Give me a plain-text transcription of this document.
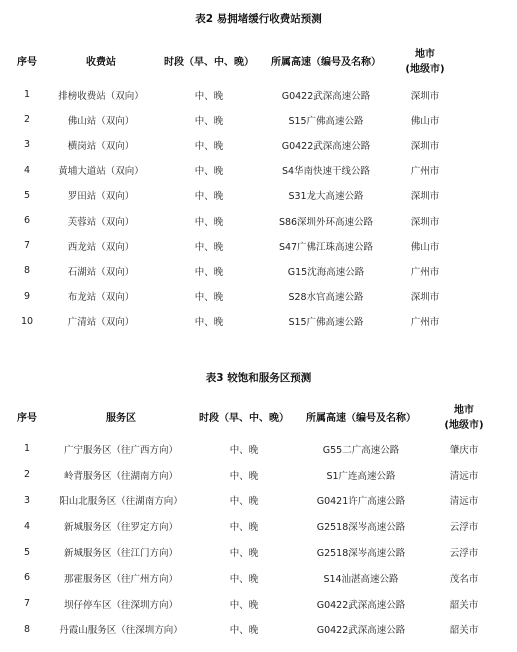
表2 易拥堵缓行收费站预测
序号	收费站	时段（早、中、晚）	所属高速（编号及名称）	地市
(地级市)
1	排榜收费站（双向）	中、晚	G0422武深高速公路	深圳市
2	佛山站（双向）	中、晚	S15广佛高速公路	佛山市
3	横岗站（双向）	中、晚	G0422武深高速公路	深圳市
4	黄埔大道站（双向）	中、晚	S4华南快速干线公路	广州市
5	罗田站（双向）	中、晚	S31龙大高速公路	深圳市
6	芙蓉站（双向）	中、晚	S86深圳外环高速公路	深圳市
7	西龙站（双向）	中、晚	S47广佛江珠高速公路	佛山市
8	石湖站（双向）	中、晚	G15沈海高速公路	广州市
9	布龙站（双向）	中、晚	S28水官高速公路	深圳市
10	广清站（双向）	中、晚	S15广佛高速公路	广州市
表3 较饱和服务区预测
序号	服务区	时段（早、中、晚）	所属高速（编号及名称）	地市
(地级市)
1	广宁服务区（往广西方向）	中、晚	G55二广高速公路	肇庆市
2	岭背服务区（往湖南方向）	中、晚	S1广连高速公路	清远市
3	阳山北服务区（往湖南方向）	中、晚	G0421许广高速公路	清远市
4	新城服务区（往罗定方向）	中、晚	G2518深岑高速公路	云浮市
5	新城服务区（往江门方向）	中、晚	G2518深岑高速公路	云浮市
6	那霍服务区（往广州方向）	中、晚	S14汕湛高速公路	茂名市
7	坝仔停车区（往深圳方向）	中、晚	G0422武深高速公路	韶关市
8	丹霞山服务区（往深圳方向）	中、晚	G0422武深高速公路	韶关市
